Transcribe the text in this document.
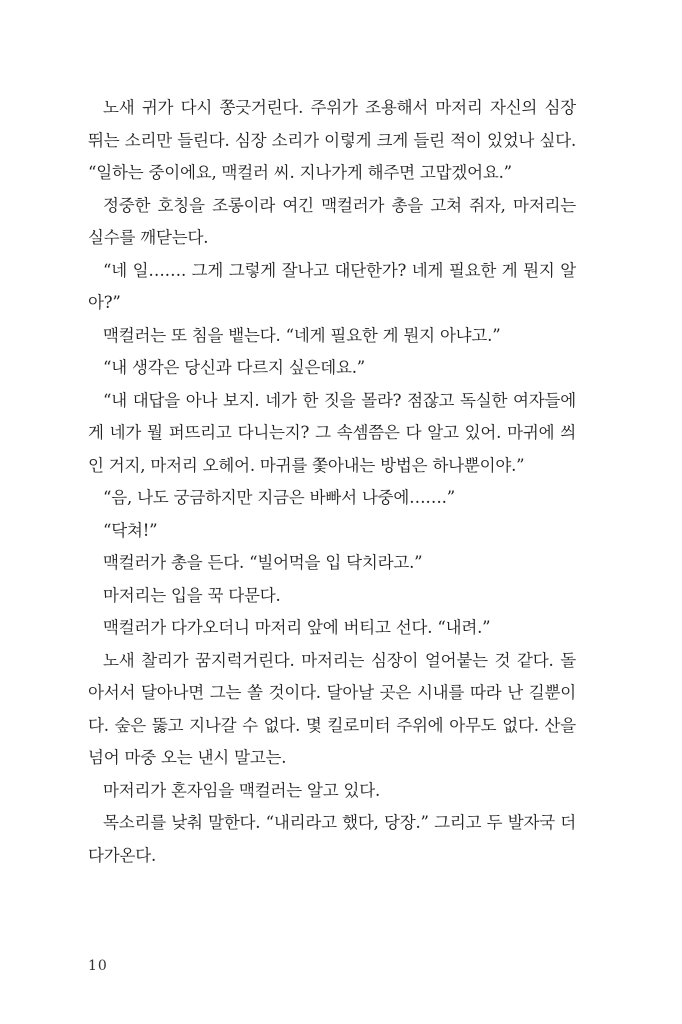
노새 귀가 다시 쫑긋거린다. 주위가 조용해서 마저리 자신의 심장
뛰는 소리만 들린다. 심장 소리가 이렇게 크게 들린 적이 있었나 싶다.
“일하는 중이에요, 맥컬러 씨. 지나가게 해주면 고맙겠어요.”
정중한 호칭을 조롱이라 여긴 맥컬러가 총을 고쳐 쥐자, 마저리는
실수를 깨닫는다.
“네 일……. 그게 그렇게 잘나고 대단한가? 네게 필요한 게 뭔지 알
아?”
맥컬러는 또 침을 뱉는다. “네게 필요한 게 뭔지 아냐고.”
“내 생각은 당신과 다르지 싶은데요.”
“내 대답을 아나 보지. 네가 한 짓을 몰라? 점잖고 독실한 여자들에
게 네가 뭘 퍼뜨리고 다니는지? 그 속셈쯤은 다 알고 있어. 마귀에 씌
인 거지, 마저리 오헤어. 마귀를 쫓아내는 방법은 하나뿐이야.”
“음, 나도 궁금하지만 지금은 바빠서 나중에…….”
“닥쳐!”
맥컬러가 총을 든다. “빌어먹을 입 닥치라고.”
마저리는 입을 꾹 다문다.
맥컬러가 다가오더니 마저리 앞에 버티고 선다. “내려.”
노새 찰리가 꿈지럭거린다. 마저리는 심장이 얼어붙는 것 같다. 돌
아서서 달아나면 그는 쏠 것이다. 달아날 곳은 시내를 따라 난 길뿐이
다. 숲은 뚫고 지나갈 수 없다. 몇 킬로미터 주위에 아무도 없다. 산을
넘어 마중 오는 낸시 말고는.
마저리가 혼자임을 맥컬러는 알고 있다.
목소리를 낮춰 말한다. “내리라고 했다, 당장.” 그리고 두 발자국 더
다가온다.
10
